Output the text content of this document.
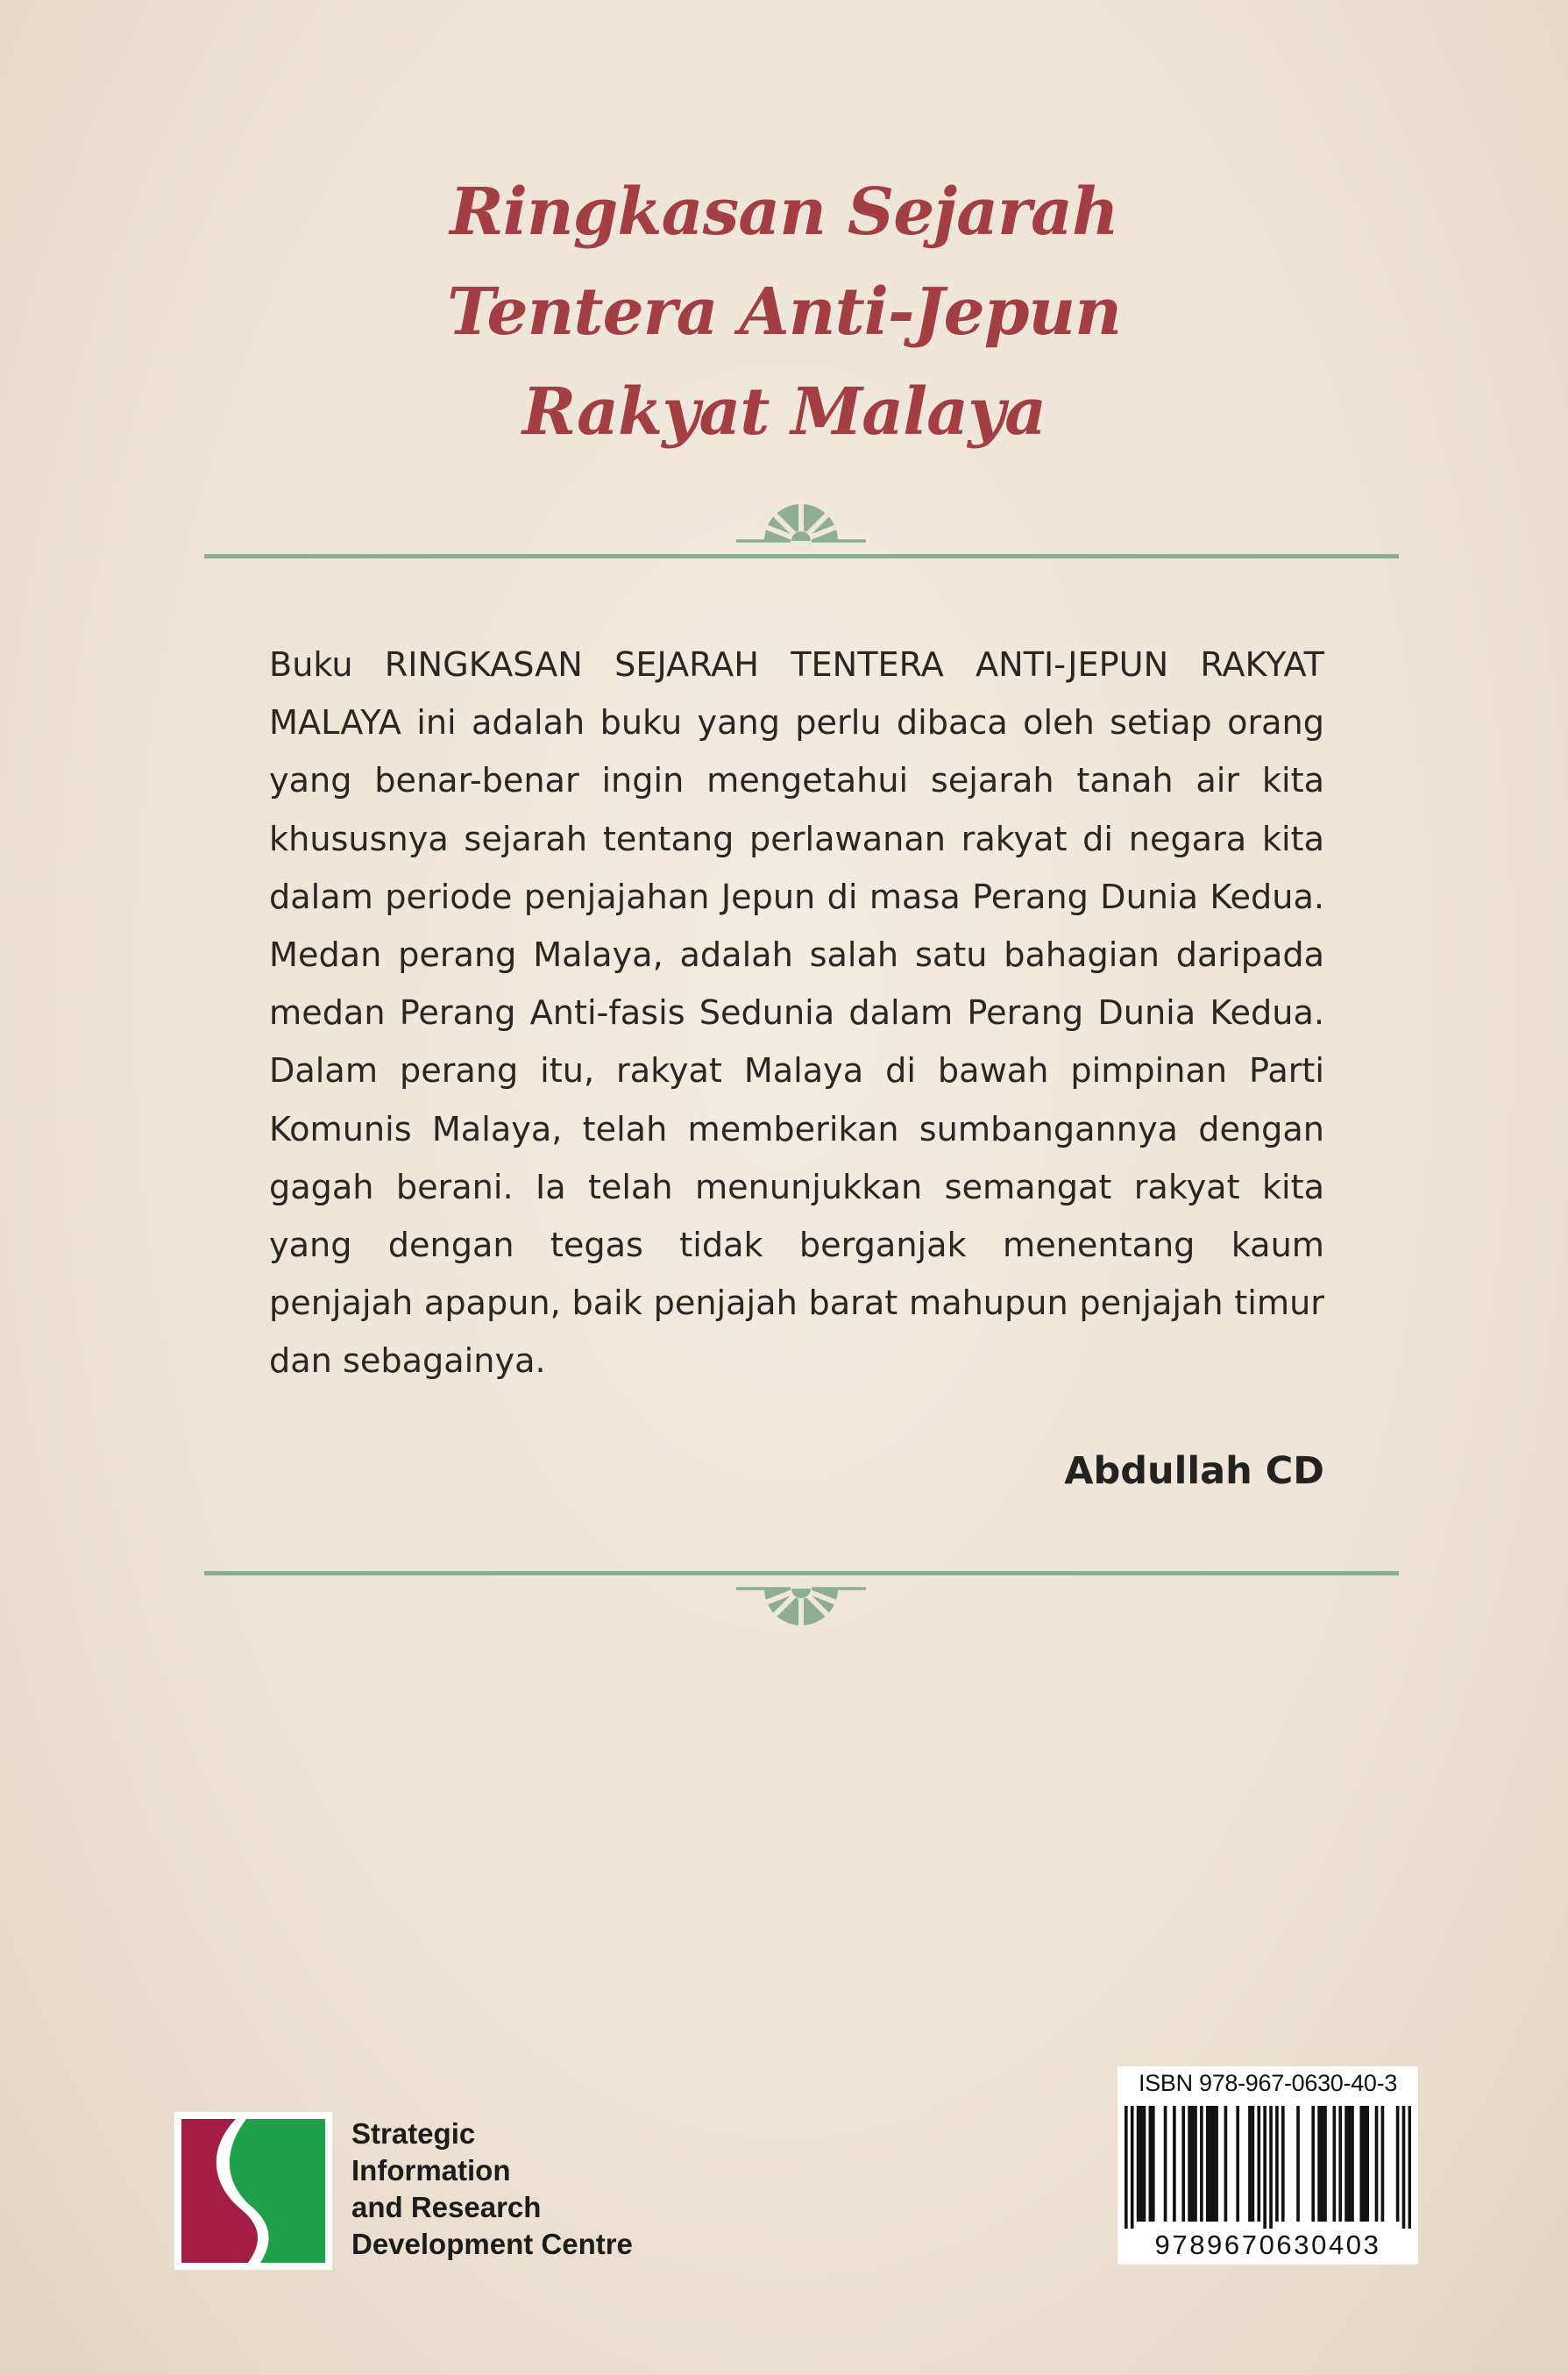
Ringkasan Sejarah
Tentera Anti-Jepun
Rakyat Malaya

Buku RINGKASAN SEJARAH TENTERA ANTI-JEPUN RAKYAT MALAYA ini adalah buku yang perlu dibaca oleh setiap orang yang benar-benar ingin mengetahui sejarah tanah air kita khususnya sejarah tentang perlawanan rakyat di negara kita dalam periode penjajahan Jepun di masa Perang Dunia Kedua. Medan perang Malaya, adalah salah satu bahagian daripada medan Perang Anti-fasis Sedunia dalam Perang Dunia Kedua. Dalam perang itu, rakyat Malaya di bawah pimpinan Parti Komunis Malaya, telah memberikan sumbangannya dengan gagah berani. Ia telah menunjukkan semangat rakyat kita yang dengan tegas tidak berganjak menentang kaum penjajah apapun, baik penjajah barat mahupun penjajah timur dan sebagainya.

Abdullah CD
Strategic
Information
and Research
Development Centre
ISBN 978-967-0630-40-3
9789670630403
